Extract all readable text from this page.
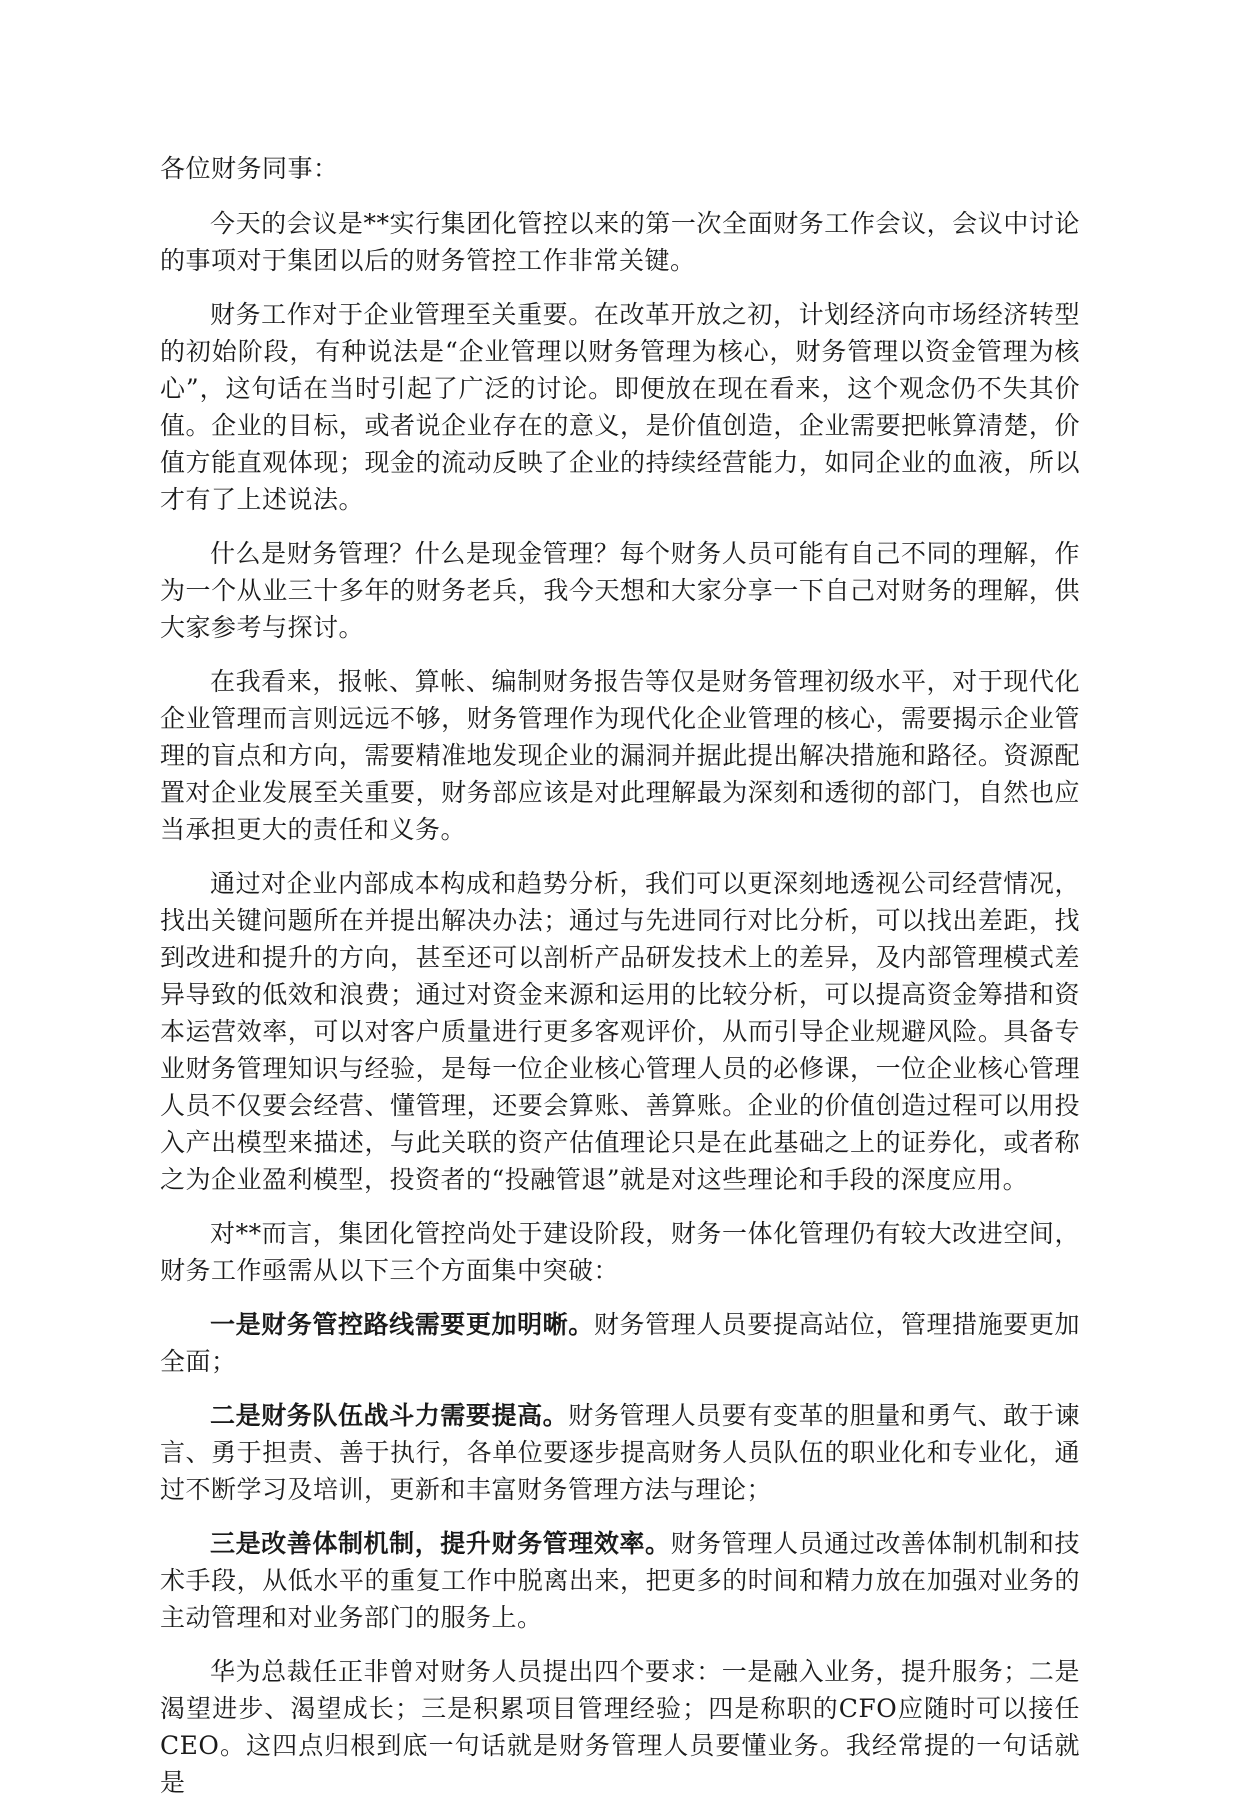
各位财务同事：

今天的会议是**实行集团化管控以来的第一次全面财务工作会议，会议中讨论的事项对于集团以后的财务管控工作非常关键。

财务工作对于企业管理至关重要。在改革开放之初，计划经济向市场经济转型的初始阶段，有种说法是“企业管理以财务管理为核心，财务管理以资金管理为核心”，这句话在当时引起了广泛的讨论。即便放在现在看来，这个观念仍不失其价值。企业的目标，或者说企业存在的意义，是价值创造，企业需要把帐算清楚，价值方能直观体现；现金的流动反映了企业的持续经营能力，如同企业的血液，所以才有了上述说法。

什么是财务管理？什么是现金管理？每个财务人员可能有自己不同的理解，作为一个从业三十多年的财务老兵，我今天想和大家分享一下自己对财务的理解，供大家参考与探讨。

在我看来，报帐、算帐、编制财务报告等仅是财务管理初级水平，对于现代化企业管理而言则远远不够，财务管理作为现代化企业管理的核心，需要揭示企业管理的盲点和方向，需要精准地发现企业的漏洞并据此提出解决措施和路径。资源配置对企业发展至关重要，财务部应该是对此理解最为深刻和透彻的部门，自然也应当承担更大的责任和义务。

通过对企业内部成本构成和趋势分析，我们可以更深刻地透视公司经营情况，找出关键问题所在并提出解决办法；通过与先进同行对比分析，可以找出差距，找到改进和提升的方向，甚至还可以剖析产品研发技术上的差异，及内部管理模式差异导致的低效和浪费；通过对资金来源和运用的比较分析，可以提高资金筹措和资本运营效率，可以对客户质量进行更多客观评价，从而引导企业规避风险。具备专业财务管理知识与经验，是每一位企业核心管理人员的必修课，一位企业核心管理人员不仅要会经营、懂管理，还要会算账、善算账。企业的价值创造过程可以用投入产出模型来描述，与此关联的资产估值理论只是在此基础之上的证券化，或者称之为企业盈利模型，投资者的“投融管退”就是对这些理论和手段的深度应用。

对**而言，集团化管控尚处于建设阶段，财务一体化管理仍有较大改进空间，财务工作亟需从以下三个方面集中突破：

一是财务管控路线需要更加明晰。财务管理人员要提高站位，管理措施要更加全面；

二是财务队伍战斗力需要提高。财务管理人员要有变革的胆量和勇气、敢于谏言、勇于担责、善于执行，各单位要逐步提高财务人员队伍的职业化和专业化，通过不断学习及培训，更新和丰富财务管理方法与理论；

三是改善体制机制，提升财务管理效率。财务管理人员通过改善体制机制和技术手段，从低水平的重复工作中脱离出来，把更多的时间和精力放在加强对业务的主动管理和对业务部门的服务上。

华为总裁任正非曾对财务人员提出四个要求：一是融入业务，提升服务；二是渴望进步、渴望成长；三是积累项目管理经验；四是称职的CFO应随时可以接任CEO。这四点归根到底一句话就是财务管理人员要懂业务。我经常提的一句话就是
